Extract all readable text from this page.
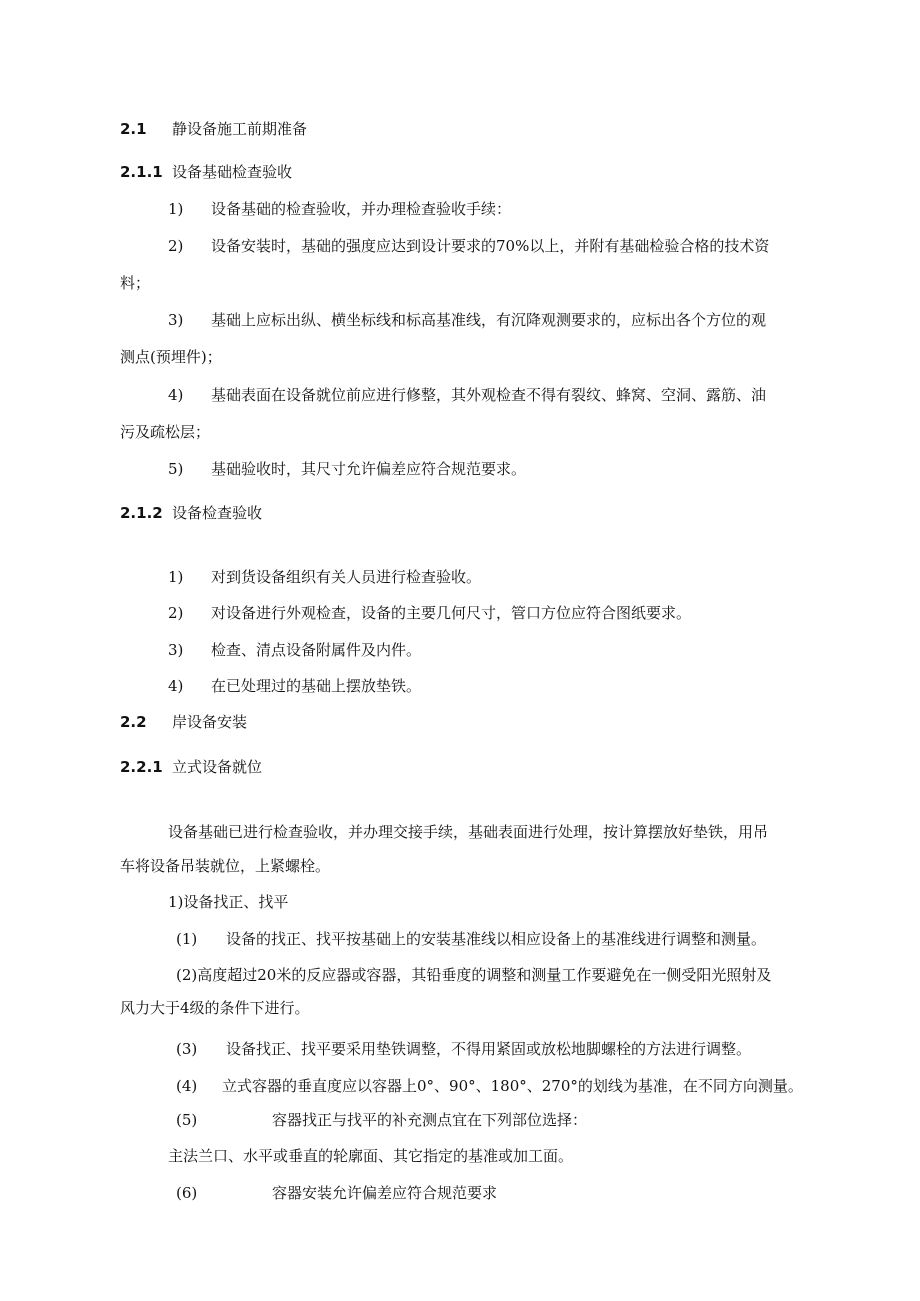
2.1 静设备施工前期准备
2.1.1 设备基础检查验收
1) 设备基础的检查验收，并办理检查验收手续：
2) 设备安装时，基础的强度应达到设计要求的70%以上，并附有基础检验合格的技术资
料；
3) 基础上应标出纵、横坐标线和标高基准线，有沉降观测要求的，应标出各个方位的观
测点(预埋件)；
4) 基础表面在设备就位前应进行修整，其外观检查不得有裂纹、蜂窝、空洞、露筋、油
污及疏松层；
5) 基础验收时，其尺寸允许偏差应符合规范要求。
2.1.2 设备检查验收
1) 对到货设备组织有关人员进行检查验收。
2) 对设备进行外观检查，设备的主要几何尺寸，管口方位应符合图纸要求。
3) 检查、清点设备附属件及内件。
4) 在已处理过的基础上摆放垫铁。
2.2 岸设备安装
2.2.1 立式设备就位
设备基础已进行检查验收，并办理交接手续，基础表面进行处理，按计算摆放好垫铁，用吊
车将设备吊装就位，上紧螺栓。
1)设备找正、找平
(1) 设备的找正、找平按基础上的安装基准线以相应设备上的基准线进行调整和测量。
(2)高度超过20米的反应器或容器，其铅垂度的调整和测量工作要避免在一侧受阳光照射及
风力大于4级的条件下进行。
(3) 设备找正、找平要采用垫铁调整，不得用紧固或放松地脚螺栓的方法进行调整。
(4) 立式容器的垂直度应以容器上0°、90°、180°、270°的划线为基准，在不同方向测量。
(5)	容器找正与找平的补充测点宜在下列部位选择：
主法兰口、水平或垂直的轮廓面、其它指定的基准或加工面。
(6)	容器安装允许偏差应符合规范要求
